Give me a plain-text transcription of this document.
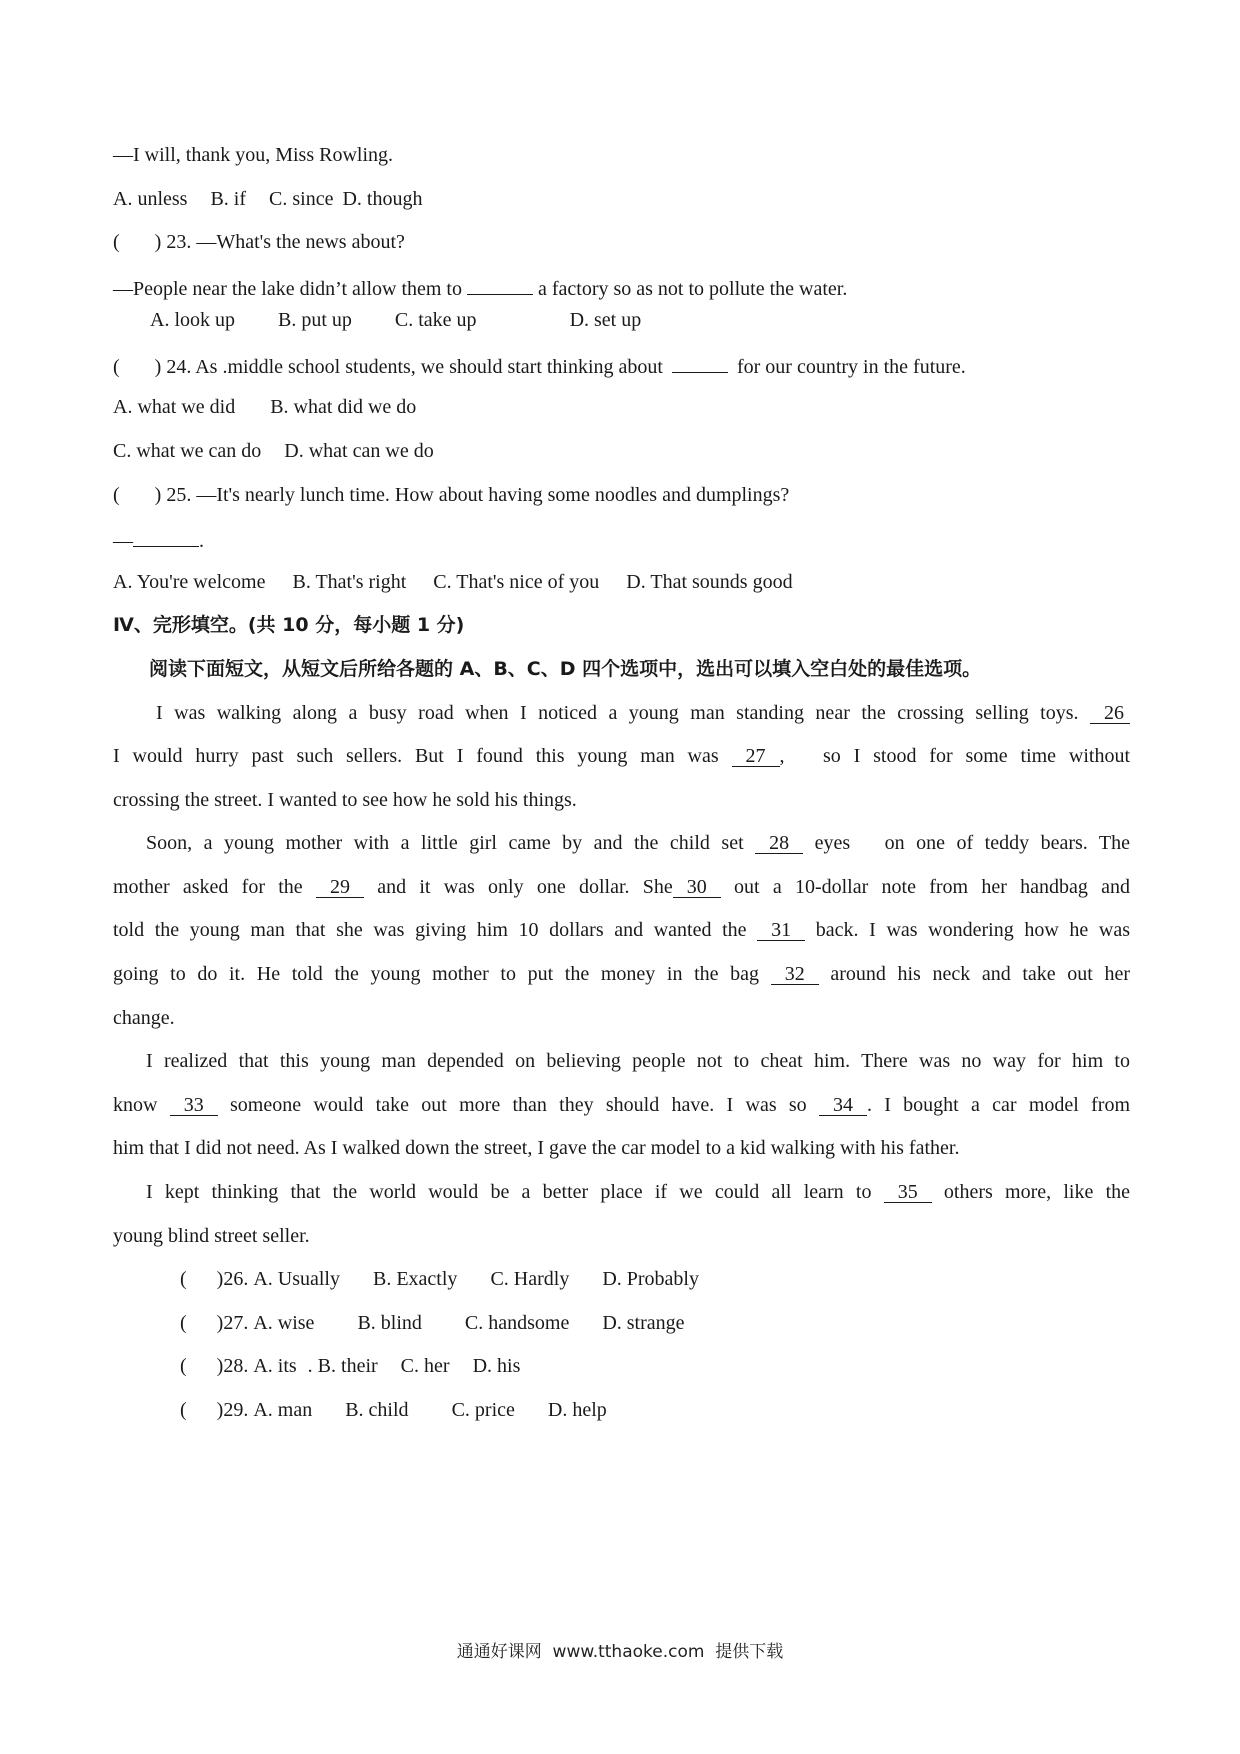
—I will, thank you, Miss Rowling.
A. unless B. if C. since D. though
(       ) 23. —What's the news about?
—People near the lake didn’t allow them to	a factory so as not to pollute the water.
A. look up B. put up C. take up	D. set up
(       ) 24. As .middle school students, we should start thinking about	for our country in the future.
A. what we did B. what did we do
C. what we can do D. what can we do
(       ) 25. —It's nearly lunch time. How about having some noodles and dumplings?
—	.
A. You're welcome B. That's right C. That's nice of you D. That sounds good
Ⅳ、完形填空。(共 10 分，每小题 1 分)
阅读下面短文，从短文后所给各题的 A、B、C、D 四个选项中，选出可以填入空白处的最佳选项。
I was walking along a busy road when I noticed a young man standing near the crossing selling toys. 26
I would hurry past such sellers. But I found this young man was 27 ,   so I stood for some time without
crossing the street. I wanted to see how he sold his things.
Soon, a young mother with a little girl came by and the child set 28 eyes   on one of teddy bears. The
mother asked for the 29 and it was only one dollar. She 30 out a 10-dollar note from her handbag and
told the young man that she was giving him 10 dollars and wanted the 31 back. I was wondering how he was
going to do it. He told the young mother to put the money in the bag 32 around his neck and take out her
change.
I realized that this young man depended on believing people not to cheat him. There was no way for him to
know 33 someone would take out more than they should have. I was so 34 . I bought a car model from
him that I did not need. As I walked down the street, I gave the car model to a kid walking with his father.
I kept thinking that the world would be a better place if we could all learn to 35 others more, like the
young blind street seller.
(      )26. A. Usually B. Exactly C. Hardly D. Probably
(      )27. A. wise B. blind C. handsome D. strange
(      )28. A. its . B. their C. her D. his
(      )29. A. man B. child C. price D. help
通通好课网  www.tthaoke.com  提供下载
